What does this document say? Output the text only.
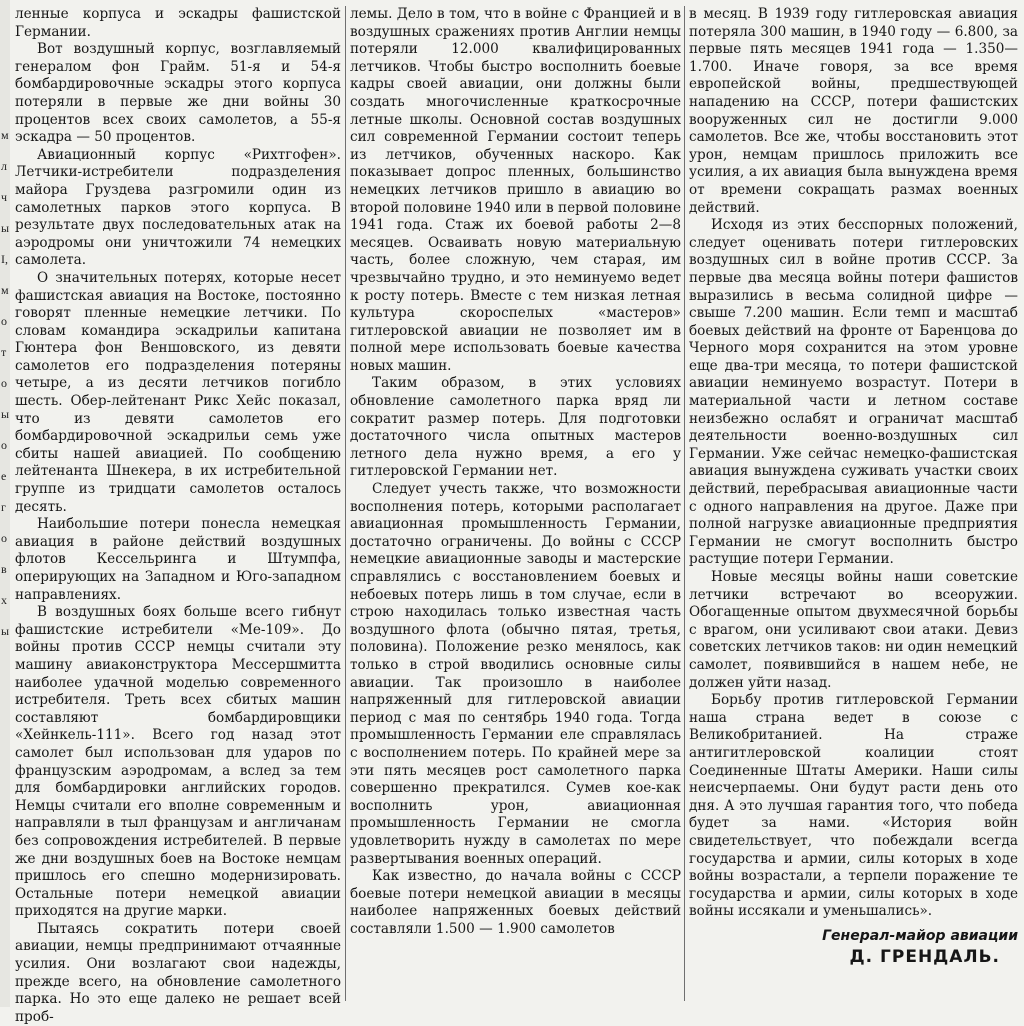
м
л
ч
ы
I,
м
о
т
о
ы
о
е
г
о
в
х
ы

ленные корпуса и эскадры фашистской Германии.

Вот воздушный корпус, возглавляемый генералом фон Грайм. 51-я и 54-я бомбардировочные эскадры этого корпуса потеряли в первые же дни войны 30 процентов всех своих самолетов, а 55-я эскадра — 50 процентов.

Авиационный корпус «Рихтгофен». Летчики-истребители подразделения майора Груздева разгромили один из самолетных парков этого корпуса. В результате двух последовательных атак на аэродромы они уничтожили 74 немецких самолета.

О значительных потерях, которые несет фашистская авиация на Востоке, постоянно говорят пленные немецкие летчики. По словам командира эскадрильи капитана Гюнтера фон Веншовского, из девяти самолетов его подразделения потеряны четыре, а из десяти летчиков погибло шесть. Обер-лейтенант Рикс Хейс показал, что из девяти самолетов его бомбардировочной эскадрильи семь уже сбиты нашей авиацией. По сообщению лейтенанта Шнекера, в их истребительной группе из тридцати самолетов осталось десять.

Наибольшие потери понесла немецкая авиация в районе действий воздушных флотов Кессельринга и Штумпфа, оперирующих на Западном и Юго-западном направлениях.

В воздушных боях больше всего гибнут фашистские истребители «Ме-109». До войны против СССР немцы считали эту машину авиаконструктора Мессершмитта наиболее удачной моделью современного истребителя. Треть всех сбитых машин составляют бомбардировщики «Хейнкель-111». Всего год назад этот самолет был использован для ударов по французским аэродромам, а вслед за тем для бомбардировки английских городов. Немцы считали его вполне современным и направляли в тыл французам и англичанам без сопровождения истребителей. В первые же дни воздушных боев на Востоке немцам пришлось его спешно модернизировать. Остальные потери немецкой авиации приходятся на другие марки.

Пытаясь сократить потери своей авиации, немцы предпринимают отчаянные усилия. Они возлагают свои надежды, прежде всего, на обновление самолетного парка. Но это еще далеко не решает всей проб-

лемы. Дело в том, что в войне с Францией и в воздушных сражениях против Англии немцы потеряли 12.000 квалифицированных летчиков. Чтобы быстро восполнить боевые кадры своей авиации, они должны были создать многочисленные краткосрочные летные школы. Основной состав воздушных сил современной Германии состоит теперь из летчиков, обученных наскоро. Как показывает допрос пленных, большинство немецких летчиков пришло в авиацию во второй половине 1940 или в первой половине 1941 года. Стаж их боевой работы 2—8 месяцев. Осваивать новую материальную часть, более сложную, чем старая, им чрезвычайно трудно, и это неминуемо ведет к росту потерь. Вместе с тем низкая летная культура скороспелых «мастеров» гитлеровской авиации не позволяет им в полной мере использовать боевые качества новых машин.

Таким образом, в этих условиях обновление самолетного парка вряд ли сократит размер потерь. Для подготовки достаточного числа опытных мастеров летного дела нужно время, а его у гитлеровской Германии нет.

Следует учесть также, что возможности восполнения потерь, которыми располагает авиационная промышленность Германии, достаточно ограничены. До войны с СССР немецкие авиационные заводы и мастерские справлялись с восстановлением боевых и небоевых потерь лишь в том случае, если в строю находилась только известная часть воздушного флота (обычно пятая, третья, половина). Положение резко менялось, как только в строй вводились основные силы авиации. Так произошло в наиболее напряженный для гитлеровской авиации период с мая по сентябрь 1940 года. Тогда промышленность Германии еле справлялась с восполнением потерь. По крайней мере за эти пять месяцев рост самолетного парка совершенно прекратился. Сумев кое-как восполнить урон, авиационная промышленность Германии не смогла удовлетворить нужду в самолетах по мере развертывания военных операций.

Как известно, до начала войны с СССР боевые потери немецкой авиации в месяцы наиболее напряженных боевых действий составляли 1.500 — 1.900 самолетов

в месяц. В 1939 году гитлеровская авиация потеряла 300 машин, в 1940 году — 6.800, за первые пять месяцев 1941 года — 1.350—1.700. Иначе говоря, за все время европейской войны, предшествующей нападению на СССР, потери фашистских вооруженных сил не достигли 9.000 самолетов. Все же, чтобы восстановить этот урон, немцам пришлось приложить все усилия, а их авиация была вынуждена время от времени сокращать размах военных действий.

Исходя из этих бесспорных положений, следует оценивать потери гитлеровских воздушных сил в войне против СССР. За первые два месяца войны потери фашистов выразились в весьма солидной цифре — свыше 7.200 машин. Если темп и масштаб боевых действий на фронте от Баренцова до Черного моря сохранится на этом уровне еще два-три месяца, то потери фашистской авиации неминуемо возрастут. Потери в материальной части и летном составе неизбежно ослабят и ограничат масштаб деятельности военно-воздушных сил Германии. Уже сейчас немецко-фашистская авиация вынуждена суживать участки своих действий, перебрасывая авиационные части с одного направления на другое. Даже при полной нагрузке авиационные предприятия Германии не смогут восполнить быстро растущие потери Германии.

Новые месяцы войны наши советские летчики встречают во всеоружии. Обогащенные опытом двухмесячной борьбы с врагом, они усиливают свои атаки. Девиз советских летчиков таков: ни один немецкий самолет, появившийся в нашем небе, не должен уйти назад.

Борьбу против гитлеровской Германии наша страна ведет в союзе с Великобританией. На страже антигитлеровской коалиции стоят Соединенные Штаты Америки. Наши силы неисчерпаемы. Они будут расти день ото дня. А это лучшая гарантия того, что победа будет за нами. «История войн свидетельствует, что побеждали всегда государства и армии, силы которых в ходе войны возрастали, а терпели поражение те государства и армии, силы которых в ходе войны иссякали и уменьшались».

Генерал-майор авиации

Д. ГРЕНДАЛЬ.
